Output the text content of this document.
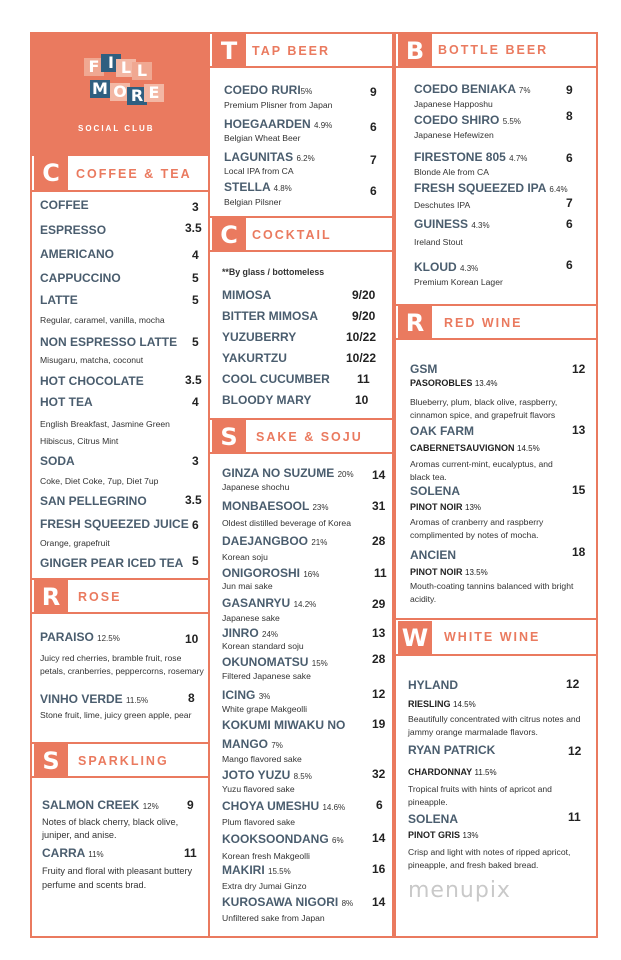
F I L L
M O R E
SOCIAL CLUB
C	COFFEE & TEA
COFFEE	3
ESPRESSO	3.5
AMERICANO	4
CAPPUCCINO	5
LATTE	5
Regular, caramel, vanilla, mocha
NON ESPRESSO LATTE 5
Misugaru, matcha, coconut
HOT CHOCOLATE	3.5
HOT TEA	4
English Breakfast, Jasmine Green
Hibiscus, Citrus Mint
SODA	3
Coke, Diet Coke, 7up, Diet 7up
SAN PELLEGRINO	3.5
FRESH SQUEEZED JUICE 6
Orange, grapefruit
GINGER PEAR ICED TEA 5
R	ROSE
PARAISO 12.5%	10
Juicy red cherries, bramble fruit, rose petals, cranberries, peppercorns, rosemary
VINHO VERDE 11.5%	8
Stone fruit, lime, juicy green apple, pear
S	SPARKLING
SALMON CREEK 12% 9
Notes of black cherry, black olive, juniper, and anise.
CARRA 11%	11
Fruity and floral with pleasant buttery perfume and scents brad.
T	TAP BEER
COEDO RURI5%	9
Premium Plisner from Japan
HOEGAARDEN 4.9%	6
Belgian Wheat Beer
LAGUNITAS 6.2%	7
Local IPA from CA
STELLA 4.8%	6
Belgian Pilsner
C	COCKTAIL
**By glass / bottomeless
MIMOSA	9/20
BITTER MIMOSA	9/20
YUZUBERRY	10/22
YAKURTZU	10/22
COOL CUCUMBER 11
BLOODY MARY	10
S	SAKE & SOJU
GINZA NO SUZUME 20% 14
Japanese shochu
MONBAESOOL 23%	31
Oldest distilled beverage of Korea
DAEJANGBOO 21%	28
Korean soju
ONIGOROSHI 16%	11
Jun mai sake
GASANRYU 14.2%	29
Japanese sake
JINRO 24%	13
Korean standard soju
OKUNOMATSU 15%	28
Filtered Japanese sake
ICING 3%	12
White grape Makgeolli
KOKUMI MIWAKU NO 19
MANGO 7%
Mango flavored sake
JOTO YUZU 8.5%	32
Yuzu flavored sake
CHOYA UMESHU 14.6%	6
Plum flavored sake
KOOKSOONDANG 6% 14
Korean fresh Makgeolli
MAKIRI 15.5%	16
Extra dry Jumai Ginzo
KUROSAWA NIGORI 8% 14
Unfiltered sake from Japan
B	BOTTLE BEER
COEDO BENIAKA 7%	9
Japanese Happoshu
COEDO SHIRO 5.5%	8
Japanese Hefewizen
FIRESTONE 805 4.7%	6
Blonde Ale from CA
FRESH SQUEEZED IPA 6.4%
7
Deschutes IPA
GUINESS 4.3%	6
Ireland Stout
KLOUD 4.3%	6
Premium Korean Lager
R	RED WINE
GSM	12
PASOROBLES 13.4%
Blueberry, plum, black olive, raspberry, cinnamon spice, and grapefruit flavors
OAK FARM	13
CABERNETSAUVIGNON 14.5%
Aromas current-mint, eucalyptus, and black tea.
SOLENA	15
PINOT NOIR 13%
Aromas of cranberry and raspberry complimented by notes of mocha.
ANCIEN	18
PINOT NOIR 13.5%
Mouth-coating tannins balanced with bright acidity.
W	WHITE WINE
HYLAND	12
RIESLING 14.5%
Beautifully concentrated with citrus notes and jammy orange marmalade flavors.
RYAN PATRICK	12
CHARDONNAY 11.5%
Tropical fruits with hints of apricot and pineapple.
SOLENA	11
PINOT GRIS 13%
Crisp and light with notes of ripped apricot, pineapple, and fresh baked bread.
menupix
